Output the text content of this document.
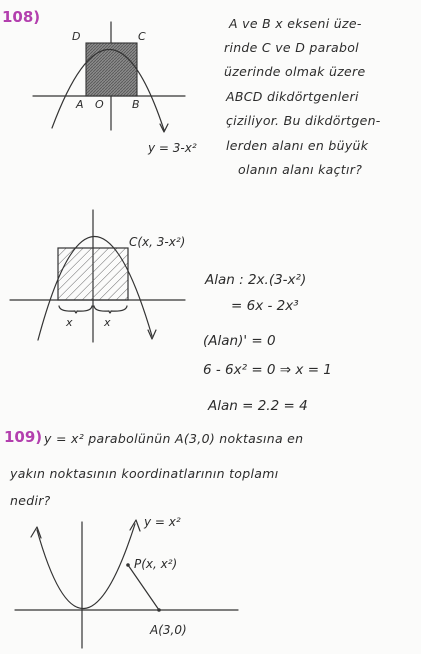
108)	A ve B x ekseni üze-
rinde C ve D parabol
üzerinde olmak üzere
ABCD dikdörtgenleri
çiziliyor. Bu dikdörtgen-
lerden alanı en büyük
olanın alanı kaçtır?
D	C
A O	B
y = 3-x²
x	x
C(x, 3-x²)
y = x²
P(x, x²)
A(3,0)
Alan : 2x.(3-x²)
= 6x - 2x³
(Alan)' = 0
6 - 6x² = 0 ⇒ x = 1
Alan = 2.2 = 4
109) y = x² parabolünün A(3,0) noktasına en
yakın noktasının koordinatlarının toplamı
nedir?
